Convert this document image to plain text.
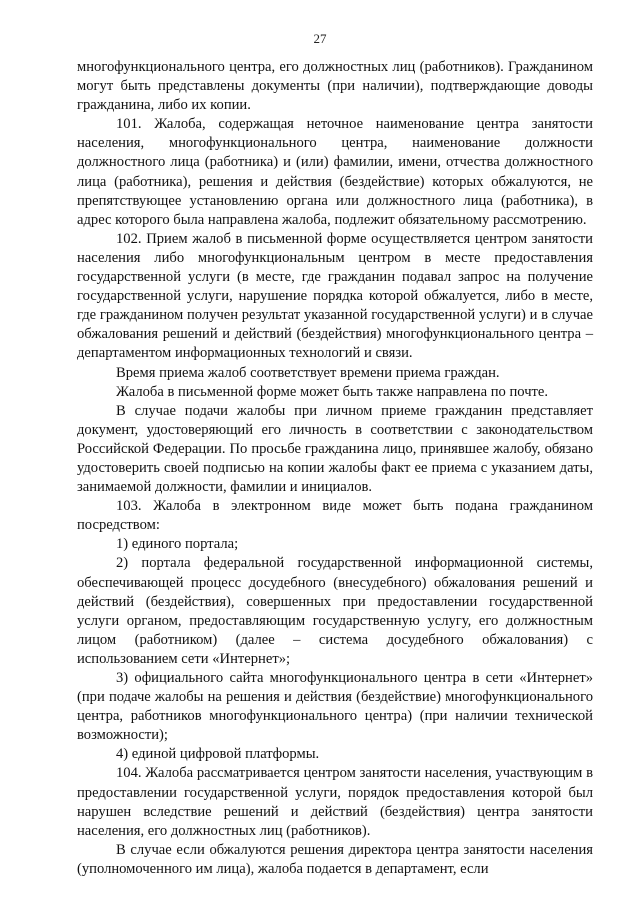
27

многофункционального центра, его должностных лиц (работников). Гражданином могут быть представлены документы (при наличии), подтверждающие доводы гражданина, либо их копии.

101. Жалоба, содержащая неточное наименование центра занятости населения, многофункционального центра, наименование должности должностного лица (работника) и (или) фамилии, имени, отчества должностного лица (работника), решения и действия (бездействие) которых обжалуются, не препятствующее установлению органа или должностного лица (работника), в адрес которого была направлена жалоба, подлежит обязательному рассмотрению.

102. Прием жалоб в письменной форме осуществляется центром занятости населения либо многофункциональным центром в месте предоставления государственной услуги (в месте, где гражданин подавал запрос на получение государственной услуги, нарушение порядка которой обжалуется, либо в месте, где гражданином получен результат указанной государственной услуги) и в случае обжалования решений и действий (бездействия) многофункционального центра – департаментом информационных технологий и связи.

Время приема жалоб соответствует времени приема граждан.

Жалоба в письменной форме может быть также направлена по почте.

В случае подачи жалобы при личном приеме гражданин представляет документ, удостоверяющий его личность в соответствии с законодательством Российской Федерации. По просьбе гражданина лицо, принявшее жалобу, обязано удостоверить своей подписью на копии жалобы факт ее приема с указанием даты, занимаемой должности, фамилии и инициалов.

103. Жалоба в электронном виде может быть подана гражданином посредством:

1) единого портала;

2) портала федеральной государственной информационной системы, обеспечивающей процесс досудебного (внесудебного) обжалования решений и действий (бездействия), совершенных при предоставлении государственной услуги органом, предоставляющим государственную услугу, его должностным лицом (работником) (далее – система досудебного обжалования) с использованием сети «Интернет»;

3) официального сайта многофункционального центра в сети «Интернет» (при подаче жалобы на решения и действия (бездействие) многофункционального центра, работников многофункционального центра) (при наличии технической возможности);

4) единой цифровой платформы.

104. Жалоба рассматривается центром занятости населения, участвующим в предоставлении государственной услуги, порядок предоставления которой был нарушен вследствие решений и действий (бездействия) центра занятости населения, его должностных лиц (работников).

В случае если обжалуются решения директора центра занятости населения (уполномоченного им лица), жалоба подается в департамент, если
